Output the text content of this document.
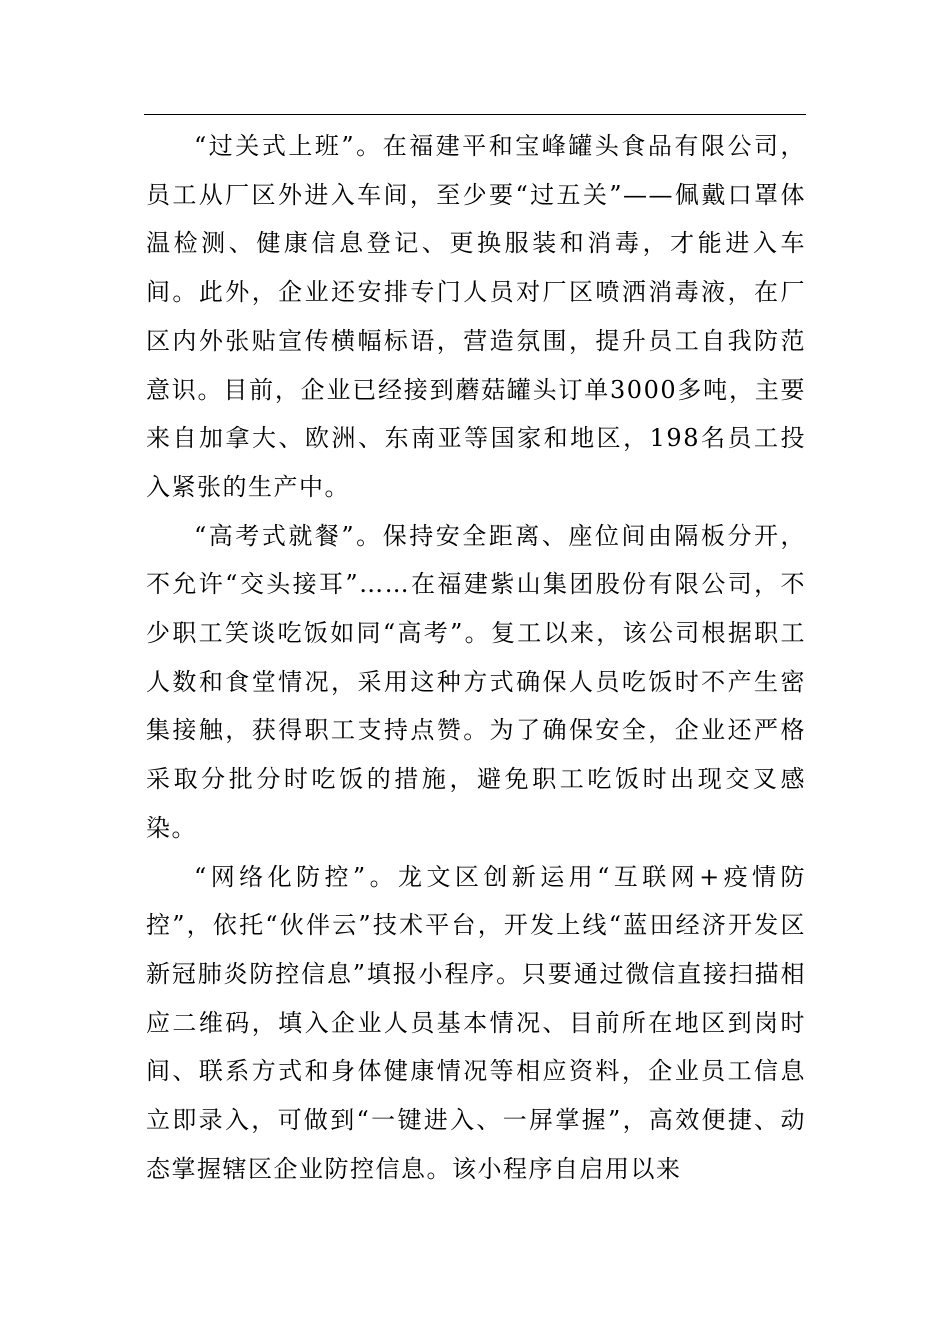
“过关式上班”。在福建平和宝峰罐头食品有限公司，员工从厂区外进入车间，至少要“过五关”——佩戴口罩体温检测、健康信息登记、更换服装和消毒，才能进入车间。此外，企业还安排专门人员对厂区喷洒消毒液，在厂区内外张贴宣传横幅标语，营造氛围，提升员工自我防范意识。目前，企业已经接到蘑菇罐头订单3000多吨，主要来自加拿大、欧洲、东南亚等国家和地区，198名员工投入紧张的生产中。

“高考式就餐”。保持安全距离、座位间由隔板分开，不允许“交头接耳”……在福建紫山集团股份有限公司，不少职工笑谈吃饭如同“高考”。复工以来，该公司根据职工人数和食堂情况，采用这种方式确保人员吃饭时不产生密集接触，获得职工支持点赞。为了确保安全，企业还严格采取分批分时吃饭的措施，避免职工吃饭时出现交叉感染。

“网络化防控”。龙文区创新运用“互联网+疫情防控”，依托“伙伴云”技术平台，开发上线“蓝田经济开发区新冠肺炎防控信息”填报小程序。只要通过微信直接扫描相应二维码，填入企业人员基本情况、目前所在地区到岗时间、联系方式和身体健康情况等相应资料，企业员工信息立即录入，可做到“一键进入、一屏掌握”，高效便捷、动态掌握辖区企业防控信息。该小程序自启用以来
